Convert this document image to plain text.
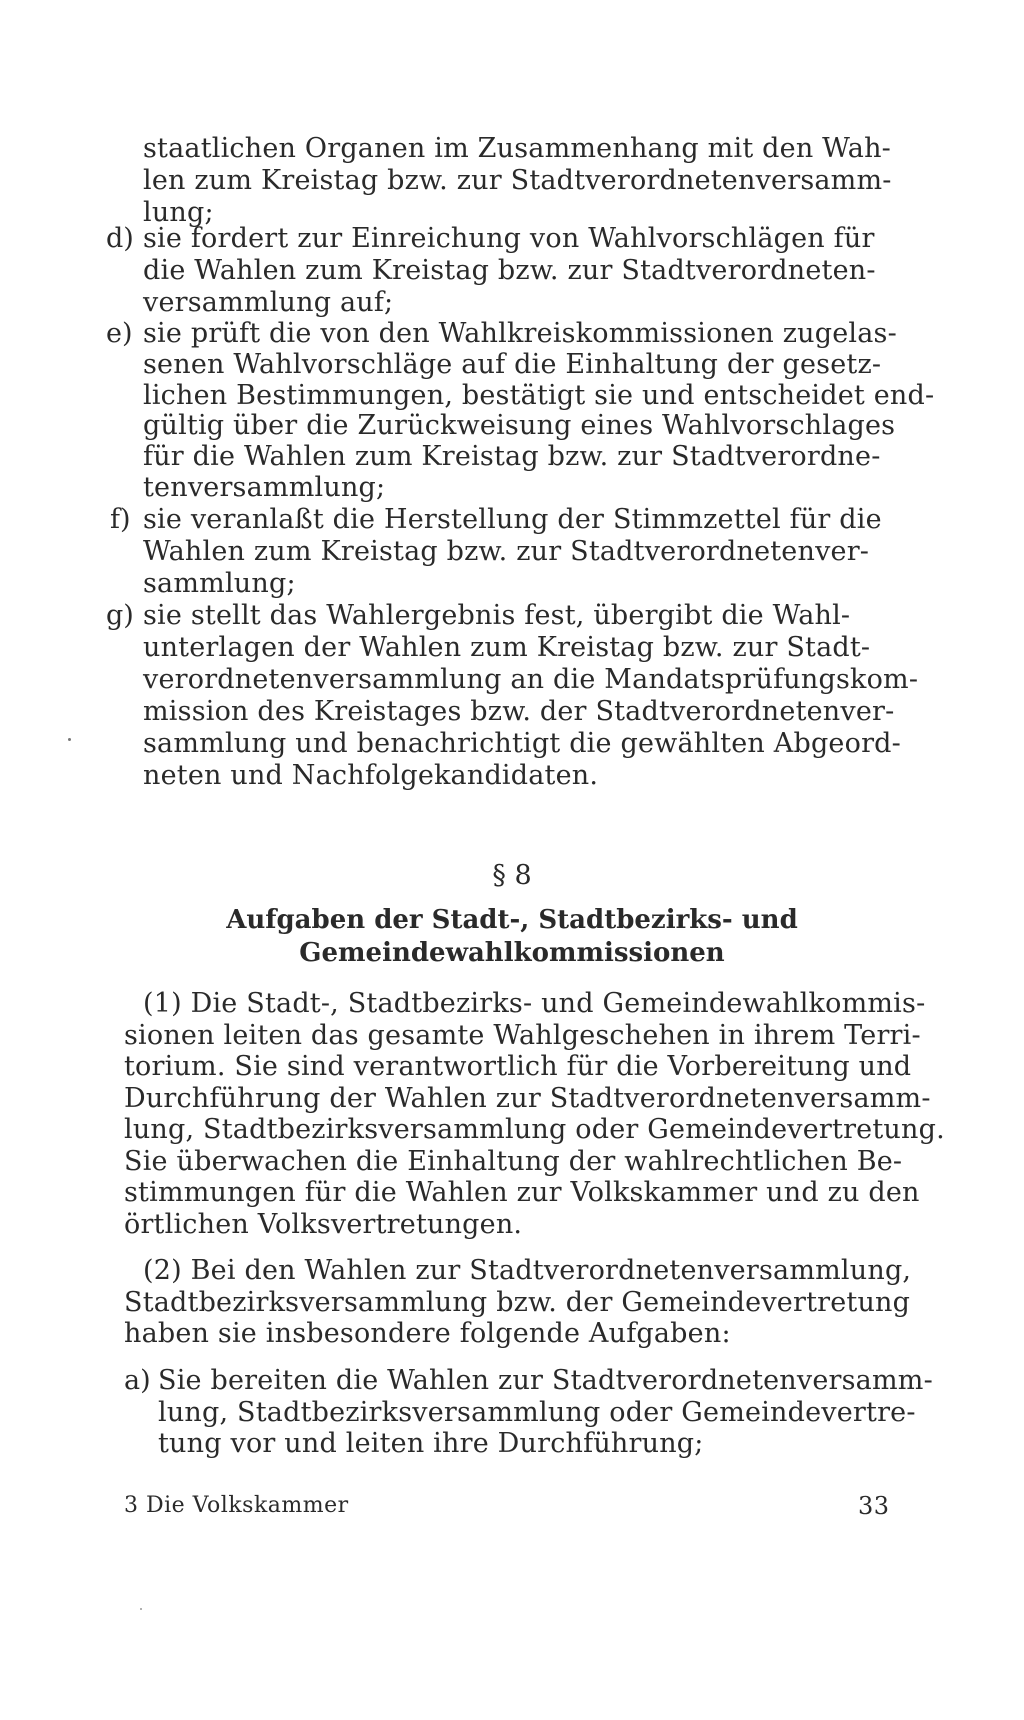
staatlichen Organen im Zusammenhang mit den Wah-
len zum Kreistag bzw. zur Stadtverordnetenversamm-
lung;
d) sie fordert zur Einreichung von Wahlvorschlägen für
die Wahlen zum Kreistag bzw. zur Stadtverordneten-
versammlung auf;
e) sie prüft die von den Wahlkreiskommissionen zugelas-
senen Wahlvorschläge auf die Einhaltung der gesetz-
lichen Bestimmungen, bestätigt sie und entscheidet end-
gültig über die Zurückweisung eines Wahlvorschlages
für die Wahlen zum Kreistag bzw. zur Stadtverordne-
tenversammlung;
f) sie veranlaßt die Herstellung der Stimmzettel für die
Wahlen zum Kreistag bzw. zur Stadtverordnetenver-
sammlung;
g) sie stellt das Wahlergebnis fest, übergibt die Wahl-
unterlagen der Wahlen zum Kreistag bzw. zur Stadt-
verordnetenversammlung an die Mandatsprüfungskom-
mission des Kreistages bzw. der Stadtverordnetenver-
sammlung und benachrichtigt die gewählten Abgeord-
neten und Nachfolgekandidaten.
§ 8
Aufgaben der Stadt-, Stadtbezirks- und
Gemeindewahlkommissionen
(1) Die Stadt-, Stadtbezirks- und Gemeindewahlkommis-
sionen leiten das gesamte Wahlgeschehen in ihrem Terri-
torium. Sie sind verantwortlich für die Vorbereitung und
Durchführung der Wahlen zur Stadtverordnetenversamm-
lung, Stadtbezirksversammlung oder Gemeindevertretung.
Sie überwachen die Einhaltung der wahlrechtlichen Be-
stimmungen für die Wahlen zur Volkskammer und zu den
örtlichen Volksvertretungen.
(2) Bei den Wahlen zur Stadtverordnetenversammlung,
Stadtbezirksversammlung bzw. der Gemeindevertretung
haben sie insbesondere folgende Aufgaben:
a) Sie bereiten die Wahlen zur Stadtverordnetenversamm-
lung, Stadtbezirksversammlung oder Gemeindevertre-
tung vor und leiten ihre Durchführung;
3 Die Volkskammer	33
